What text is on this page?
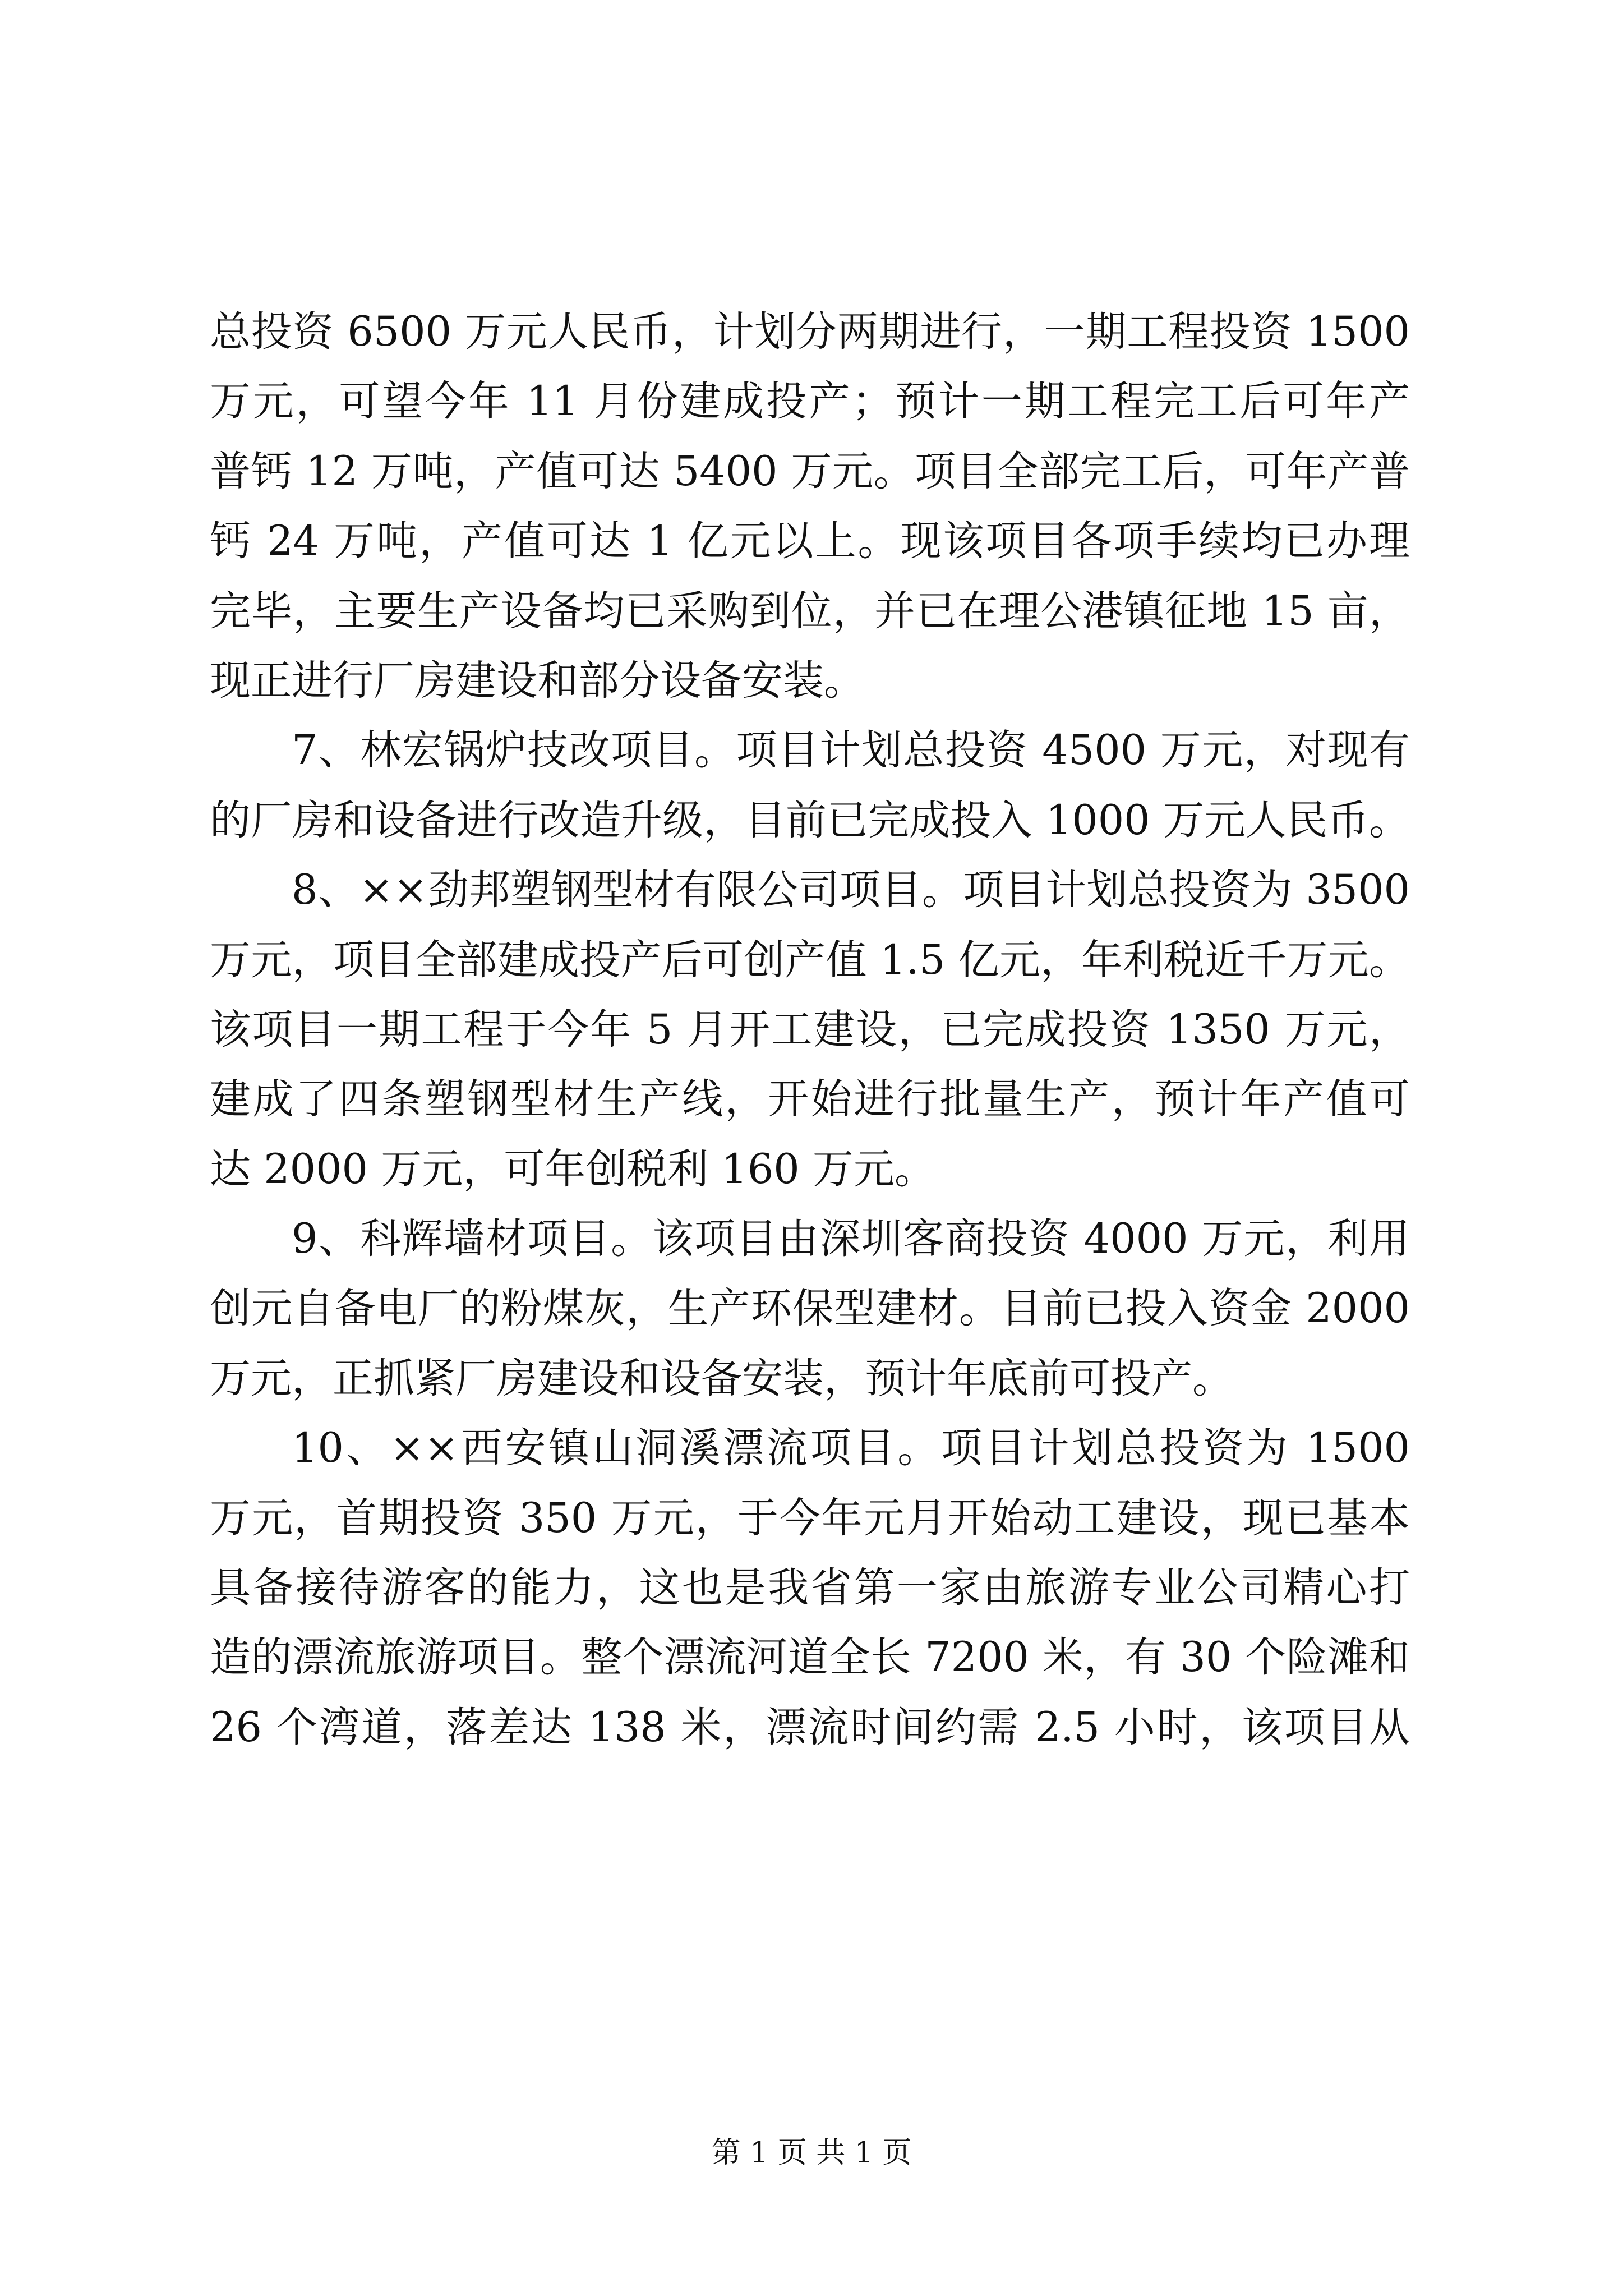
总投资 6500 万元人民币，计划分两期进行，一期工程投资 1500
万元，可望今年 11 月份建成投产；预计一期工程完工后可年产
普钙 12 万吨，产值可达 5400 万元。项目全部完工后，可年产普
钙 24 万吨，产值可达 1 亿元以上。现该项目各项手续均已办理
完毕，主要生产设备均已采购到位，并已在理公港镇征地 15 亩，
现正进行厂房建设和部分设备安装。
7、林宏锅炉技改项目。项目计划总投资 4500 万元，对现有
的厂房和设备进行改造升级，目前已完成投入 1000 万元人民币。
8、××劲邦塑钢型材有限公司项目。项目计划总投资为 3500
万元，项目全部建成投产后可创产值 1.5 亿元，年利税近千万元。
该项目一期工程于今年 5 月开工建设，已完成投资 1350 万元，
建成了四条塑钢型材生产线，开始进行批量生产，预计年产值可
达 2000 万元，可年创税利 160 万元。
9、科辉墙材项目。该项目由深圳客商投资 4000 万元，利用
创元自备电厂的粉煤灰，生产环保型建材。目前已投入资金 2000
万元，正抓紧厂房建设和设备安装，预计年底前可投产。
10、××西安镇山洞溪漂流项目。项目计划总投资为 1500
万元，首期投资 350 万元，于今年元月开始动工建设，现已基本
具备接待游客的能力，这也是我省第一家由旅游专业公司精心打
造的漂流旅游项目。整个漂流河道全长 7200 米，有 30 个险滩和
26 个湾道，落差达 138 米，漂流时间约需 2.5 小时，该项目从
第 1 页 共 1 页
